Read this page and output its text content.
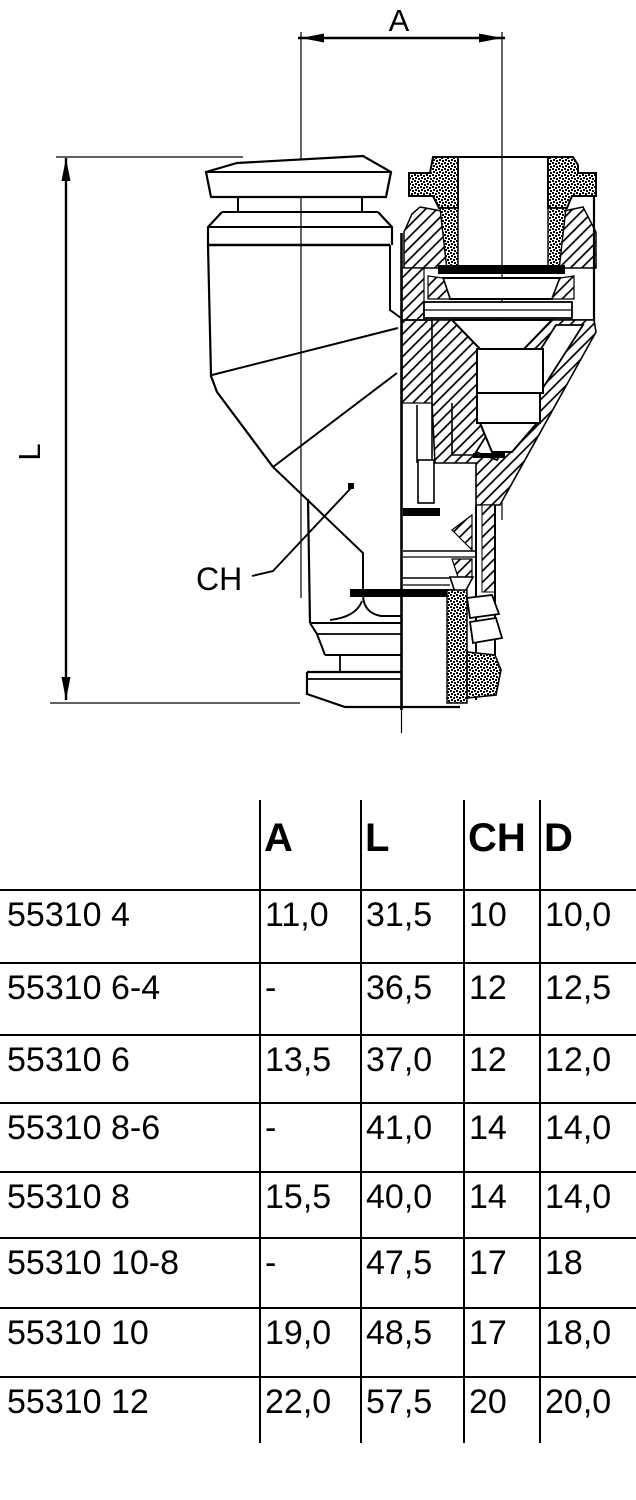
A
L
CH
	A	L	CH	D
55310 4	11,0	31,5	10	10,0
55310 6-4	-	36,5	12	12,5
55310 6	13,5	37,0	12	12,0
55310 8-6	-	41,0	14	14,0
55310 8	15,5	40,0	14	14,0
55310 10-8	-	47,5	17	18
55310 10	19,0	48,5	17	18,0
55310 12	22,0	57,5	20	20,0
